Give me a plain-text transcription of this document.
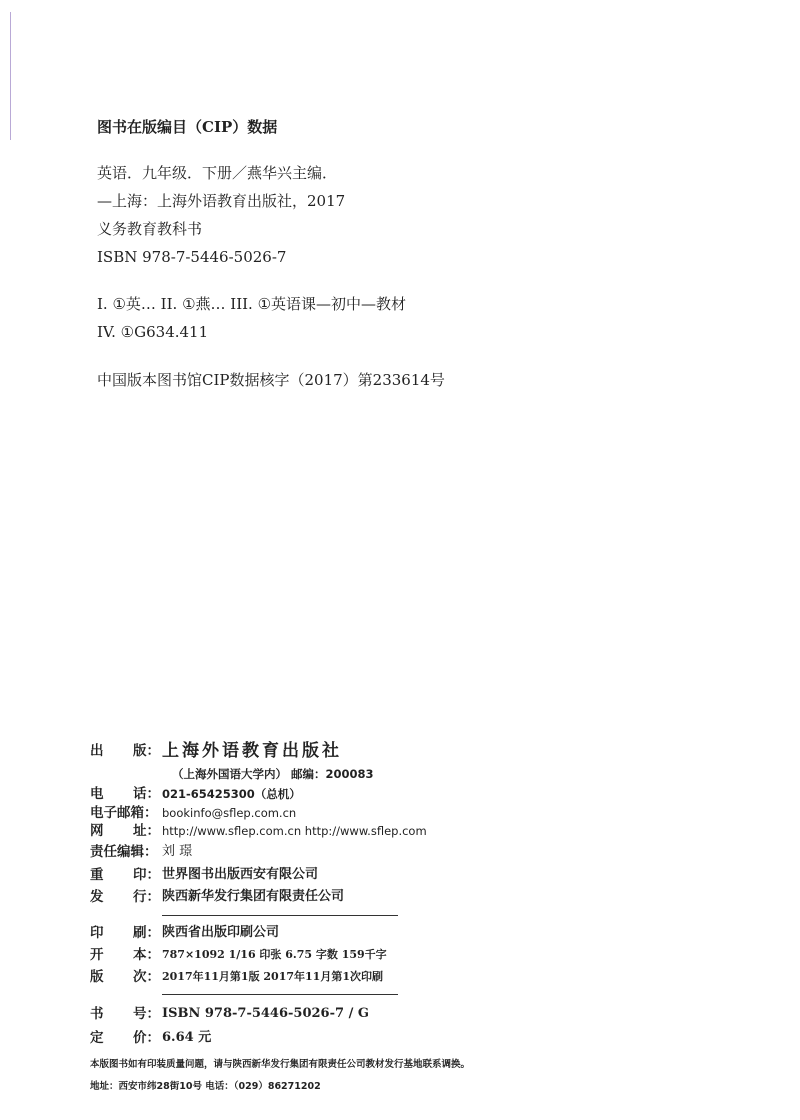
图书在版编目（CIP）数据
英语．九年级．下册／燕华兴主编．
—上海：上海外语教育出版社，2017
义务教育教科书
ISBN 978-7-5446-5026-7
I. ①英… II. ①燕… III. ①英语课—初中—教材
IV. ①G634.411
中国版本图书馆CIP数据核字（2017）第233614号
出 版： 上海外语教育出版社
（上海外国语大学内） 邮编：200083
电 话： 021-65425300（总机）
电子邮箱： bookinfo@sflep.com.cn
网 址： http://www.sflep.com.cn http://www.sflep.com
责任编辑： 刘 璟
重 印： 世界图书出版西安有限公司
发 行： 陕西新华发行集团有限责任公司
印 刷： 陕西省出版印刷公司
开 本： 787×1092 1/16 印张 6.75 字数 159千字
版 次： 2017年11月第1版 2017年11月第1次印刷
书 号： ISBN 978-7-5446-5026-7 / G
定 价： 6.64 元
本版图书如有印装质量问题，请与陕西新华发行集团有限责任公司教材发行基地联系调换。
地址：西安市纬28街10号 电话：（029）86271202
